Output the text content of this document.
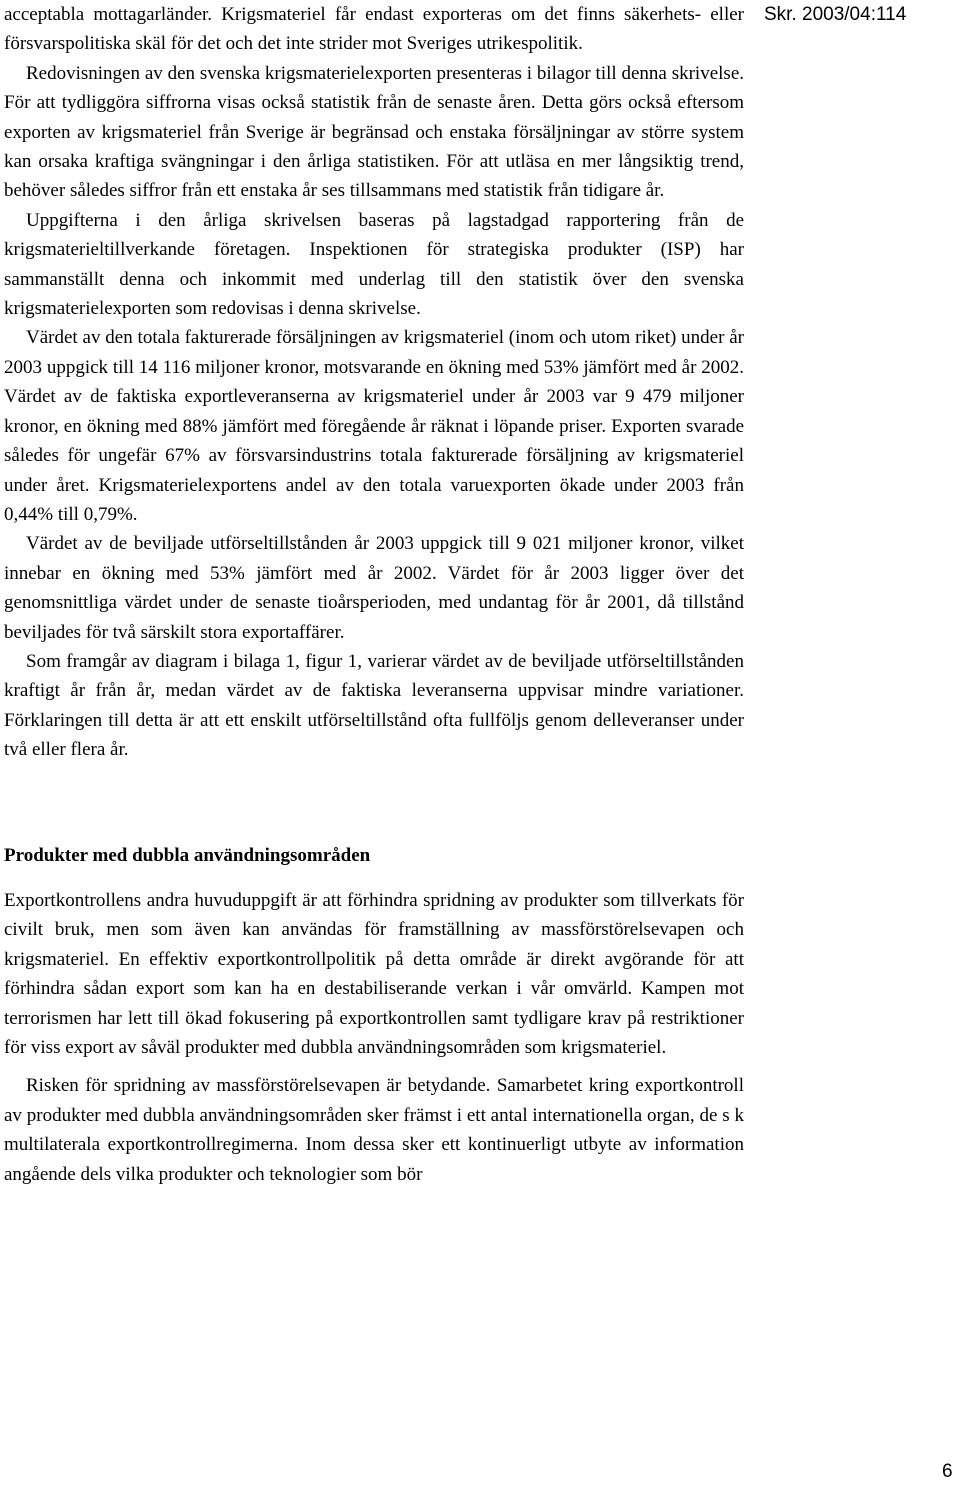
Skr. 2003/04:114

acceptabla mottagarländer. Krigsmateriel får endast exporteras om det finns säkerhets- eller försvarspolitiska skäl för det och det inte strider mot Sveriges utrikespolitik.

Redovisningen av den svenska krigsmaterielexporten presenteras i bilagor till denna skrivelse. För att tydliggöra siffrorna visas också statistik från de senaste åren. Detta görs också eftersom exporten av krigsmateriel från Sverige är begränsad och enstaka försäljningar av större system kan orsaka kraftiga svängningar i den årliga statistiken. För att utläsa en mer långsiktig trend, behöver således siffror från ett enstaka år ses tillsammans med statistik från tidigare år.

Uppgifterna i den årliga skrivelsen baseras på lagstadgad rapportering från de krigsmaterieltillverkande företagen. Inspektionen för strategiska produkter (ISP) har sammanställt denna och inkommit med underlag till den statistik över den svenska krigsmaterielexporten som redovisas i denna skrivelse.

Värdet av den totala fakturerade försäljningen av krigsmateriel (inom och utom riket) under år 2003 uppgick till 14 116 miljoner kronor, motsvarande en ökning med 53% jämfört med år 2002. Värdet av de faktiska exportleveranserna av krigsmateriel under år 2003 var 9 479 miljoner kronor, en ökning med 88% jämfört med föregående år räknat i löpande priser. Exporten svarade således för ungefär 67% av försvarsindustrins totala fakturerade försäljning av krigsmateriel under året. Krigsmaterielexportens andel av den totala varuexporten ökade under 2003 från 0,44% till 0,79%.

Värdet av de beviljade utförseltillstånden år 2003 uppgick till 9 021 miljoner kronor, vilket innebar en ökning med 53% jämfört med år 2002. Värdet för år 2003 ligger över det genomsnittliga värdet under de senaste tioårsperioden, med undantag för år 2001, då tillstånd beviljades för två särskilt stora exportaffärer.

Som framgår av diagram i bilaga 1, figur 1, varierar värdet av de beviljade utförseltillstånden kraftigt år från år, medan värdet av de faktiska leveranserna uppvisar mindre variationer. Förklaringen till detta är att ett enskilt utförseltillstånd ofta fullföljs genom delleveranser under två eller flera år.

Produkter med dubbla användningsområden

Exportkontrollens andra huvuduppgift är att förhindra spridning av produkter som tillverkats för civilt bruk, men som även kan användas för framställning av massförstörelsevapen och krigsmateriel. En effektiv exportkontrollpolitik på detta område är direkt avgörande för att förhindra sådan export som kan ha en destabiliserande verkan i vår omvärld. Kampen mot terrorismen har lett till ökad fokusering på exportkontrollen samt tydligare krav på restriktioner för viss export av såväl produkter med dubbla användningsområden som krigsmateriel.

Risken för spridning av massförstörelsevapen är betydande. Samarbetet kring exportkontroll av produkter med dubbla användningsområden sker främst i ett antal internationella organ, de s k multilaterala exportkontrollregimerna. Inom dessa sker ett kontinuerligt utbyte av information angående dels vilka produkter och teknologier som bör

6
